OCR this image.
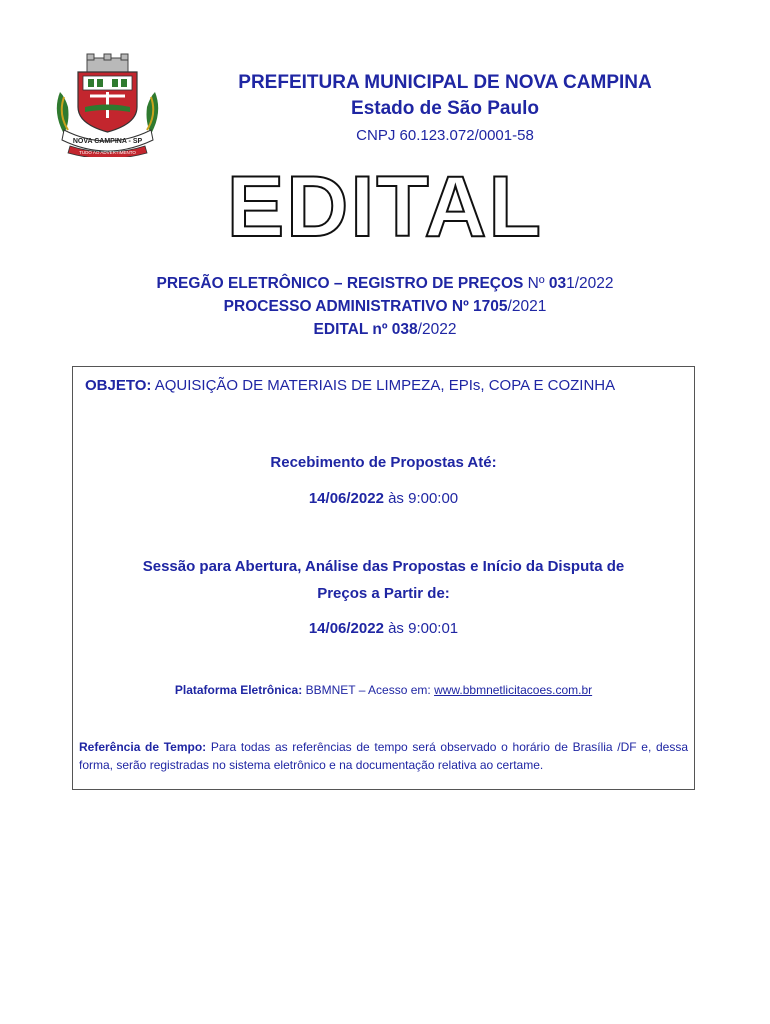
NOVA CAMPINA - SP
TUDO AO ADVERTIMENTO
PREFEITURA MUNICIPAL DE NOVA CAMPINA
Estado de São Paulo
CNPJ 60.123.072/0001-58
EDITAL
PREGÃO ELETRÔNICO – REGISTRO DE PREÇOS Nº 031/2022
PROCESSO ADMINISTRATIVO Nº 1705/2021
EDITAL nº 038/2022
OBJETO: AQUISIÇÃO DE MATERIAIS DE LIMPEZA, EPIs, COPA E COZINHA
Recebimento de Propostas Até:
14/06/2022 às 9:00:00
Sessão para Abertura, Análise das Propostas e Início da Disputa de
Preços a Partir de:
14/06/2022 às 9:00:01
Plataforma Eletrônica: BBMNET – Acesso em: www.bbmnetlicitacoes.com.br
Referência de Tempo: Para todas as referências de tempo será observado o horário de Brasília /DF e, dessa forma, serão registradas no sistema eletrônico e na documentação relativa ao certame.
